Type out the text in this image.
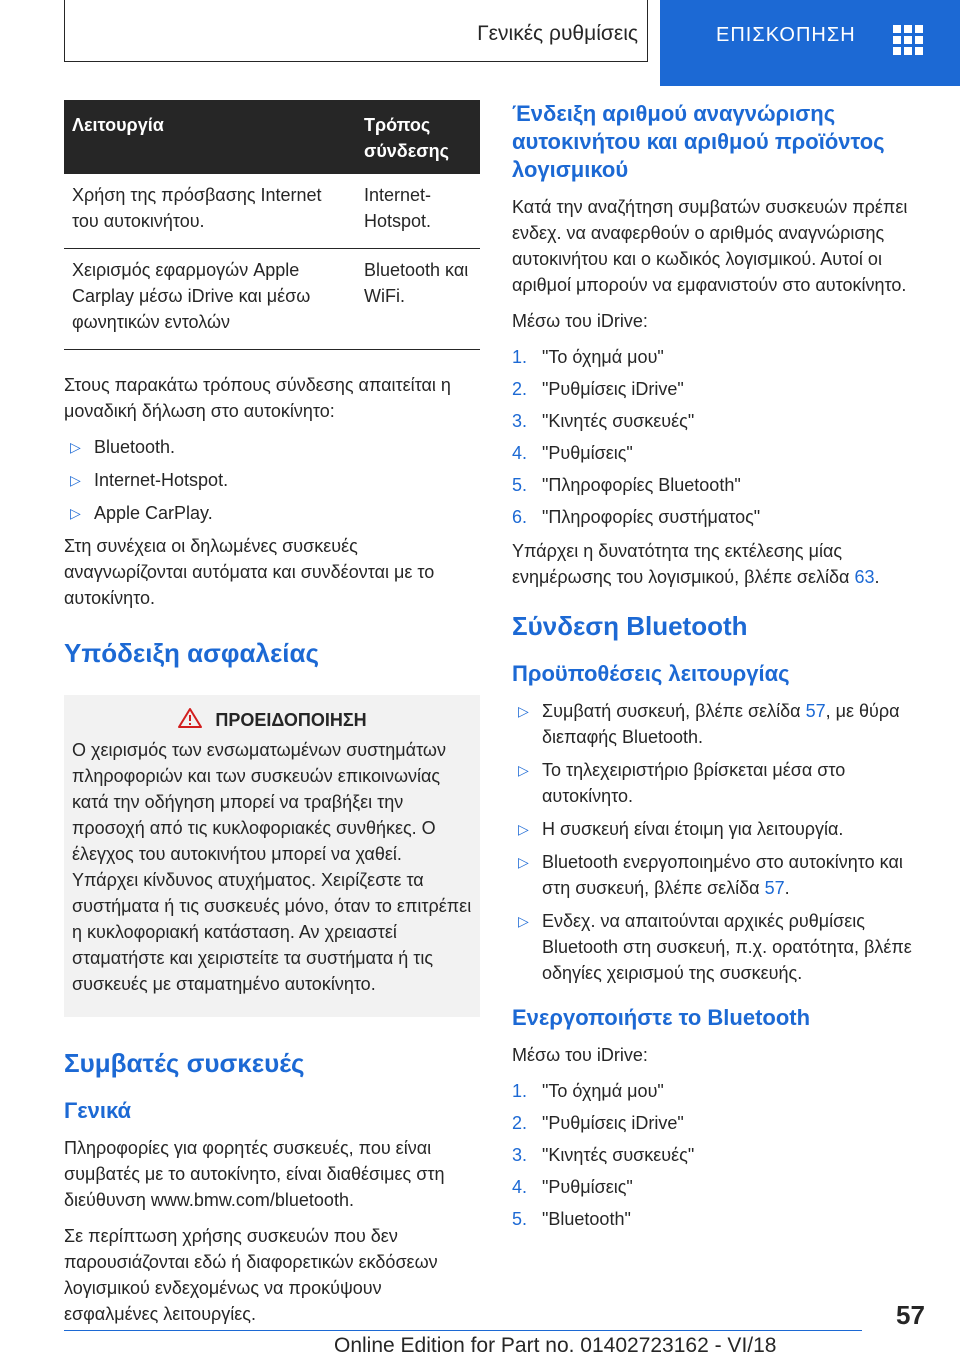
Γενικές ρυθμίσεις	ΕΠΙΣΚΟΠΗΣΗ
Λειτουργία	Τρόπος σύνδεσης
Χρήση της πρόσβασης Internet του αυτοκινήτου.	Internet-Hotspot.
Χειρισμός εφαρμογών Apple Carplay μέσω iDrive και μέσω φωνητικών εντολών	Bluetooth και WiFi.

Στους παρακάτω τρόπους σύνδεσης απαιτείται η μοναδική δήλωση στο αυτοκίνητο:

▷ Bluetooth.
▷ Internet-Hotspot.
▷ Apple CarPlay.

Στη συνέχεια οι δηλωμένες συσκευές αναγνωρίζονται αυτόματα και συνδέονται με το αυτοκίνητο.

Υπόδειξη ασφαλείας
ΠΡΟΕΙΔΟΠΟΙΗΣΗ

Ο χειρισμός των ενσωματωμένων συστημάτων πληροφοριών και των συσκευών επικοινωνίας κατά την οδήγηση μπορεί να τραβήξει την προσοχή από τις κυκλοφοριακές συνθήκες. Ο έλεγχος του αυτοκινήτου μπορεί να χαθεί. Υπάρχει κίνδυνος ατυχήματος. Χειρίζεστε τα συστήματα ή τις συσκευές μόνο, όταν το επιτρέπει η κυκλοφοριακή κατάσταση. Αν χρειαστεί σταματήστε και χειριστείτε τα συστήματα ή τις συσκευές με σταματημένο αυτοκίνητο.

Συμβατές συσκευές
Γενικά

Πληροφορίες για φορητές συσκευές, που είναι συμβατές με το αυτοκίνητο, είναι διαθέσιμες στη διεύθυνση www.bmw.com/bluetooth.

Σε περίπτωση χρήσης συσκευών που δεν παρουσιάζονται εδώ ή διαφορετικών εκδόσεων λογισμικού ενδεχομένως να προκύψουν εσφαλμένες λειτουργίες.

Ένδειξη αριθμού αναγνώρισης αυτοκινήτου και αριθμού προϊόντος λογισμικού

Κατά την αναζήτηση συμβατών συσκευών πρέπει ενδεχ. να αναφερθούν ο αριθμός αναγνώρισης αυτοκινήτου και ο κωδικός λογισμικού. Αυτοί οι αριθμοί μπορούν να εμφανιστούν στο αυτοκίνητο.

Μέσω του iDrive:

1. "Το όχημά μου"
2. "Ρυθμίσεις iDrive"
3. "Κινητές συσκευές"
4. "Ρυθμίσεις"
5. "Πληροφορίες Bluetooth"
6. "Πληροφορίες συστήματος"

Υπάρχει η δυνατότητα της εκτέλεσης μίας ενημέρωσης του λογισμικού, βλέπε σελίδα 63.

Σύνδεση Bluetooth
Προϋποθέσεις λειτουργίας
▷ Συμβατή συσκευή, βλέπε σελίδα 57, με θύρα διεπαφής Bluetooth.
▷ Το τηλεχειριστήριο βρίσκεται μέσα στο αυτοκίνητο.
▷ Η συσκευή είναι έτοιμη για λειτουργία.
▷ Bluetooth ενεργοποιημένο στο αυτοκίνητο και στη συσκευή, βλέπε σελίδα 57.
▷ Ενδεχ. να απαιτούνται αρχικές ρυθμίσεις Bluetooth στη συσκευή, π.χ. ορατότητα, βλέπε οδηγίες χειρισμού της συσκευής.
Ενεργοποιήστε το Bluetooth

Μέσω του iDrive:

1. "Το όχημά μου"
2. "Ρυθμίσεις iDrive"
3. "Κινητές συσκευές"
4. "Ρυθμίσεις"
5. "Bluetooth"
57
Online Edition for Part no. 01402723162 - VI/18
